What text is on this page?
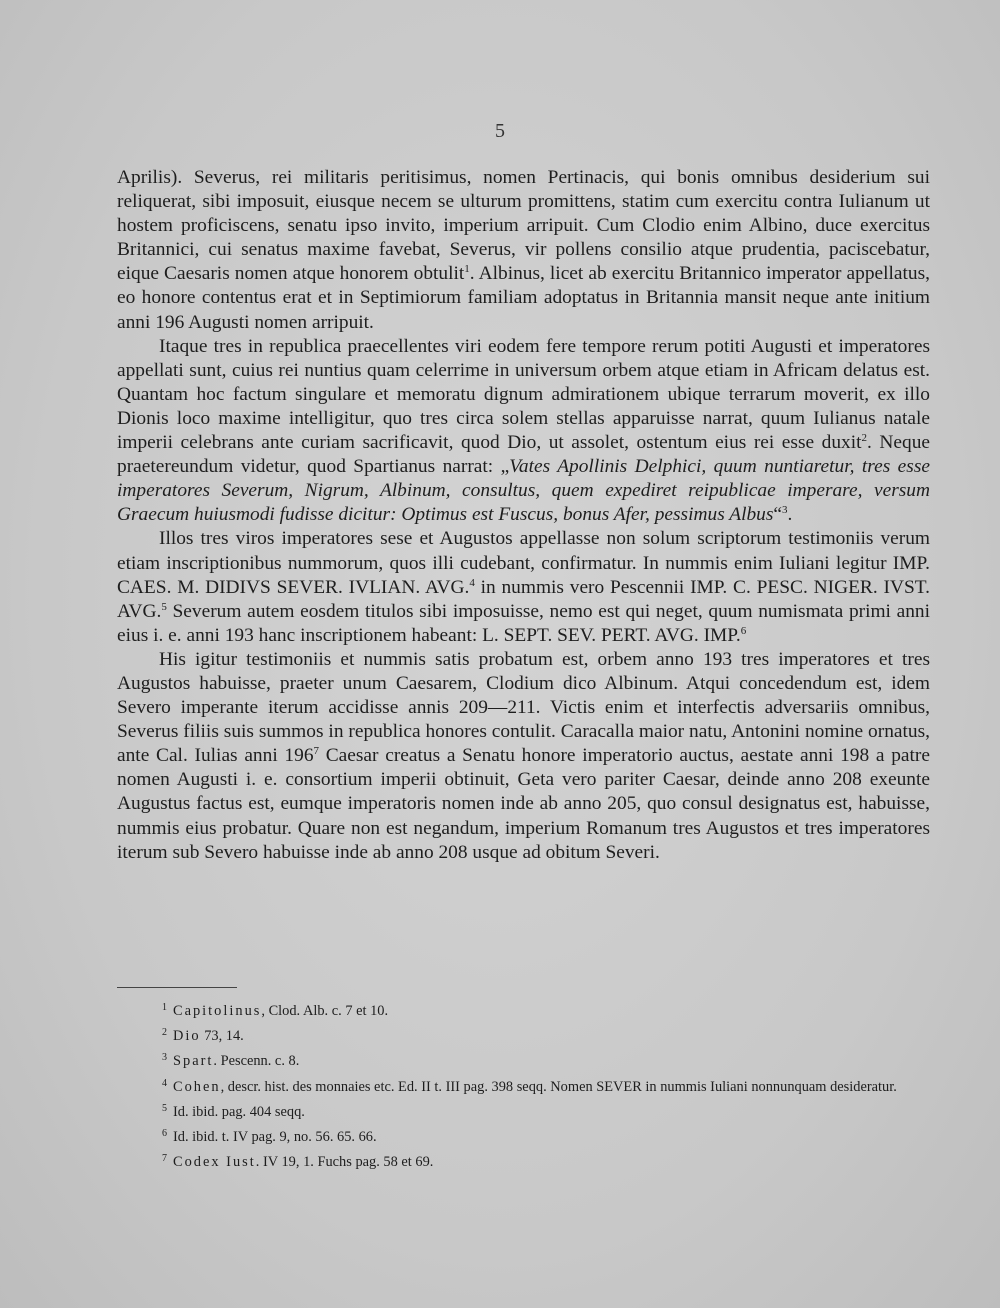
5

Aprilis). Severus, rei militaris peritisimus, nomen Pertinacis, qui bonis omnibus desiderium sui reliquerat, sibi imposuit, eiusque necem se ulturum promittens, statim cum exercitu contra Iulianum ut hostem proficiscens, senatu ipso invito, imperium arripuit. Cum Clodio enim Albino, duce exercitus Britannici, cui senatus maxime favebat, Severus, vir pollens consilio atque prudentia, paciscebatur, eique Caesaris nomen atque honorem obtulit$^1$. Albinus, licet ab exercitu Britannico imperator appellatus, eo honore contentus erat et in Septimiorum familiam adoptatus in Britannia mansit neque ante initium anni 196 Augusti nomen arripuit.

Itaque tres in republica praecellentes viri eodem fere tempore rerum potiti Augusti et imperatores appellati sunt, cuius rei nuntius quam celerrime in universum orbem atque etiam in Africam delatus est. Quantam hoc factum singulare et memoratu dignum admirationem ubique terrarum moverit, ex illo Dionis loco maxime intelligitur, quo tres circa solem stellas apparuisse narrat, quum Iulianus natale imperii celebrans ante curiam sacrificavit, quod Dio, ut assolet, ostentum eius rei esse duxit$^2$. Neque praetereundum videtur, quod Spartianus narrat: „Vates Apollinis Delphici, quum nuntiaretur, tres esse imperatores Severum, Nigrum, Albinum, consultus, quem expediret reipublicae imperare, versum Graecum huiusmodi fudisse dicitur: Optimus est Fuscus, bonus Afer, pessimus Albus“$^3$.

Illos tres viros imperatores sese et Augustos appellasse non solum scriptorum testimoniis verum etiam inscriptionibus nummorum, quos illi cudebant, confirmatur. In nummis enim Iuliani legitur IMP. CAES. M. DIDIVS SEVER. IVLIAN. AVG.$^4$ in nummis vero Pescennii IMP. C. PESC. NIGER. IVST. AVG.$^5$ Severum autem eosdem titulos sibi imposuisse, nemo est qui neget, quum numismata primi anni eius i. e. anni 193 hanc inscriptionem habeant: L. SEPT. SEV. PERT. AVG. IMP.$^6$

His igitur testimoniis et nummis satis probatum est, orbem anno 193 tres imperatores et tres Augustos habuisse, praeter unum Caesarem, Clodium dico Albinum. Atqui concedendum est, idem Severo imperante iterum accidisse annis 209—211. Victis enim et interfectis adversariis omnibus, Severus filiis suis summos in republica honores contulit. Caracalla maior natu, Antonini nomine ornatus, ante Cal. Iulias anni 196$^7$ Caesar creatus a Senatu honore imperatorio auctus, aestate anni 198 a patre nomen Augusti i. e. consortium imperii obtinuit, Geta vero pariter Caesar, deinde anno 208 exeunte Augustus factus est, eumque imperatoris nomen inde ab anno 205, quo consul designatus est, habuisse, nummis eius probatur. Quare non est negandum, imperium Romanum tres Augustos et tres imperatores iterum sub Severo habuisse inde ab anno 208 usque ad obitum Severi.

$^1$ Capitolinus, Clod. Alb. c. 7 et 10.
$^2$ Dio 73, 14.
$^3$ Spart. Pescenn. c. 8.
$^4$ Cohen, descr. hist. des monnaies etc. Ed. II t. III pag. 398 seqq. Nomen SEVER in nummis Iuliani nonnunquam desideratur.
$^5$ Id. ibid. pag. 404 seqq.
$^6$ Id. ibid. t. IV pag. 9, no. 56. 65. 66.
$^7$ Codex Iust. IV 19, 1. Fuchs pag. 58 et 69.
